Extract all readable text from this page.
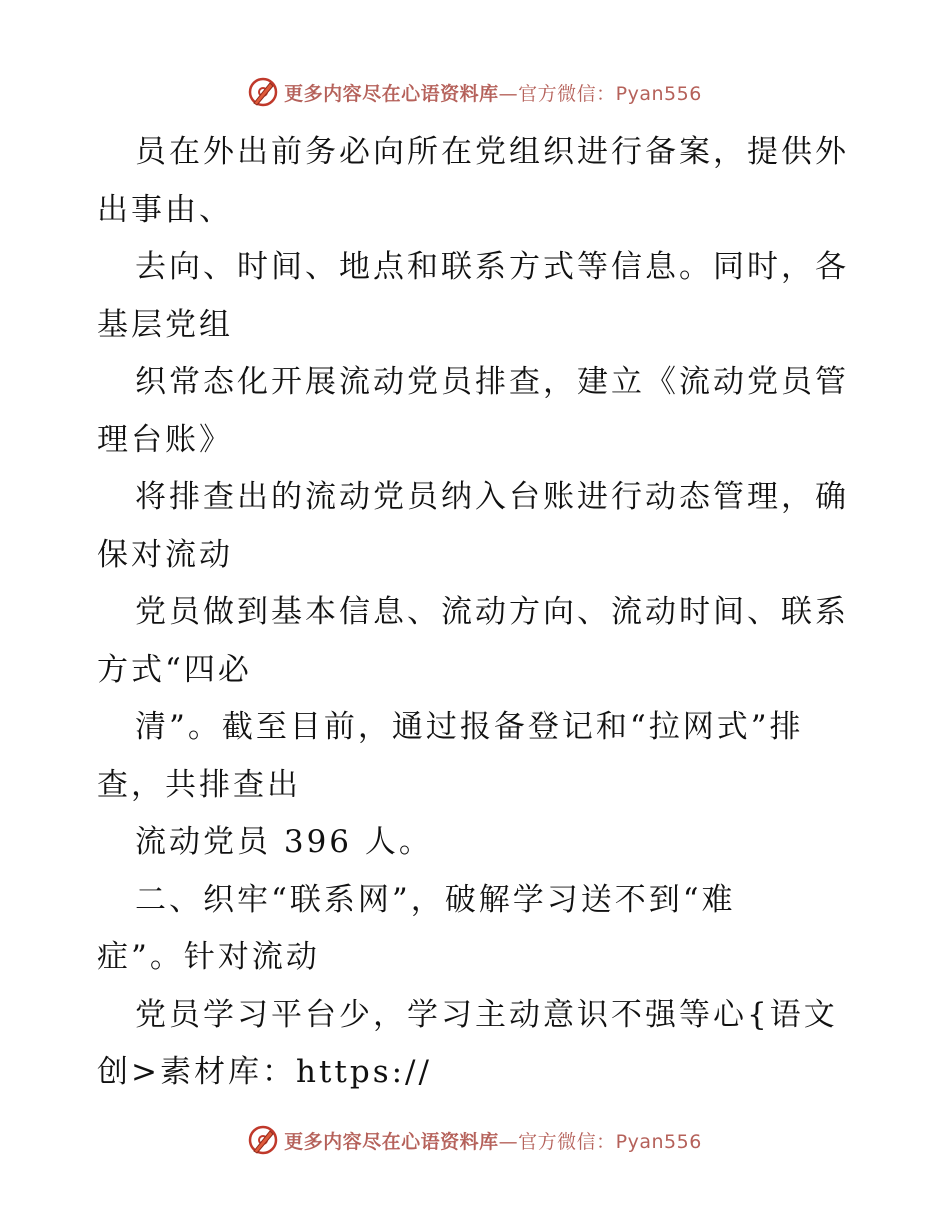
更多内容尽在心语资料库—官方微信：Pyan556
员在外出前务必向所在党组织进行备案，提供外
出事由、
去向、时间、地点和联系方式等信息。同时，各
基层党组
织常态化开展流动党员排查，建立《流动党员管
理台账》
将排查出的流动党员纳入台账进行动态管理，确
保对流动
党员做到基本信息、流动方向、流动时间、联系
方式“四必
清”。截至目前，通过报备登记和“拉网式”排
查，共排查出
流动党员 396 人。
二、织牢“联系网”，破解学习送不到“难
症”。针对流动
党员学习平台少，学习主动意识不强等心{语文
创>素材库：https://
更多内容尽在心语资料库—官方微信：Pyan556
